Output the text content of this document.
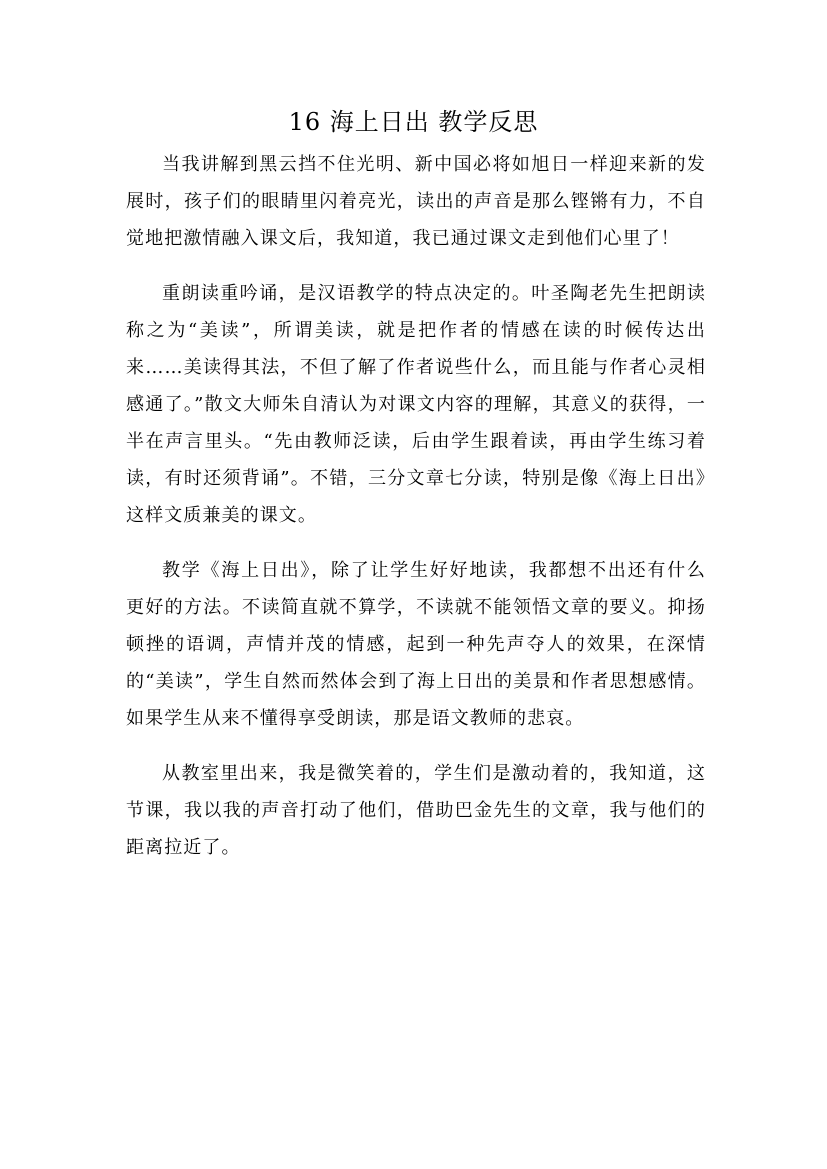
16 海上日出 教学反思

当我讲解到黑云挡不住光明、新中国必将如旭日一样迎来新的发展时，孩子们的眼睛里闪着亮光，读出的声音是那么铿锵有力，不自觉地把激情融入课文后，我知道，我已通过课文走到他们心里了！

重朗读重吟诵，是汉语教学的特点决定的。叶圣陶老先生把朗读称之为“美读”，所谓美读，就是把作者的情感在读的时候传达出来……美读得其法，不但了解了作者说些什么，而且能与作者心灵相感通了。”散文大师朱自清认为对课文内容的理解，其意义的获得，一半在声言里头。“先由教师泛读，后由学生跟着读，再由学生练习着读，有时还须背诵”。不错，三分文章七分读，特别是像《海上日出》这样文质兼美的课文。

教学《海上日出》，除了让学生好好地读，我都想不出还有什么更好的方法。不读简直就不算学，不读就不能领悟文章的要义。抑扬顿挫的语调，声情并茂的情感，起到一种先声夺人的效果，在深情的“美读”，学生自然而然体会到了海上日出的美景和作者思想感情。如果学生从来不懂得享受朗读，那是语文教师的悲哀。

从教室里出来，我是微笑着的，学生们是激动着的，我知道，这节课，我以我的声音打动了他们，借助巴金先生的文章，我与他们的距离拉近了。
